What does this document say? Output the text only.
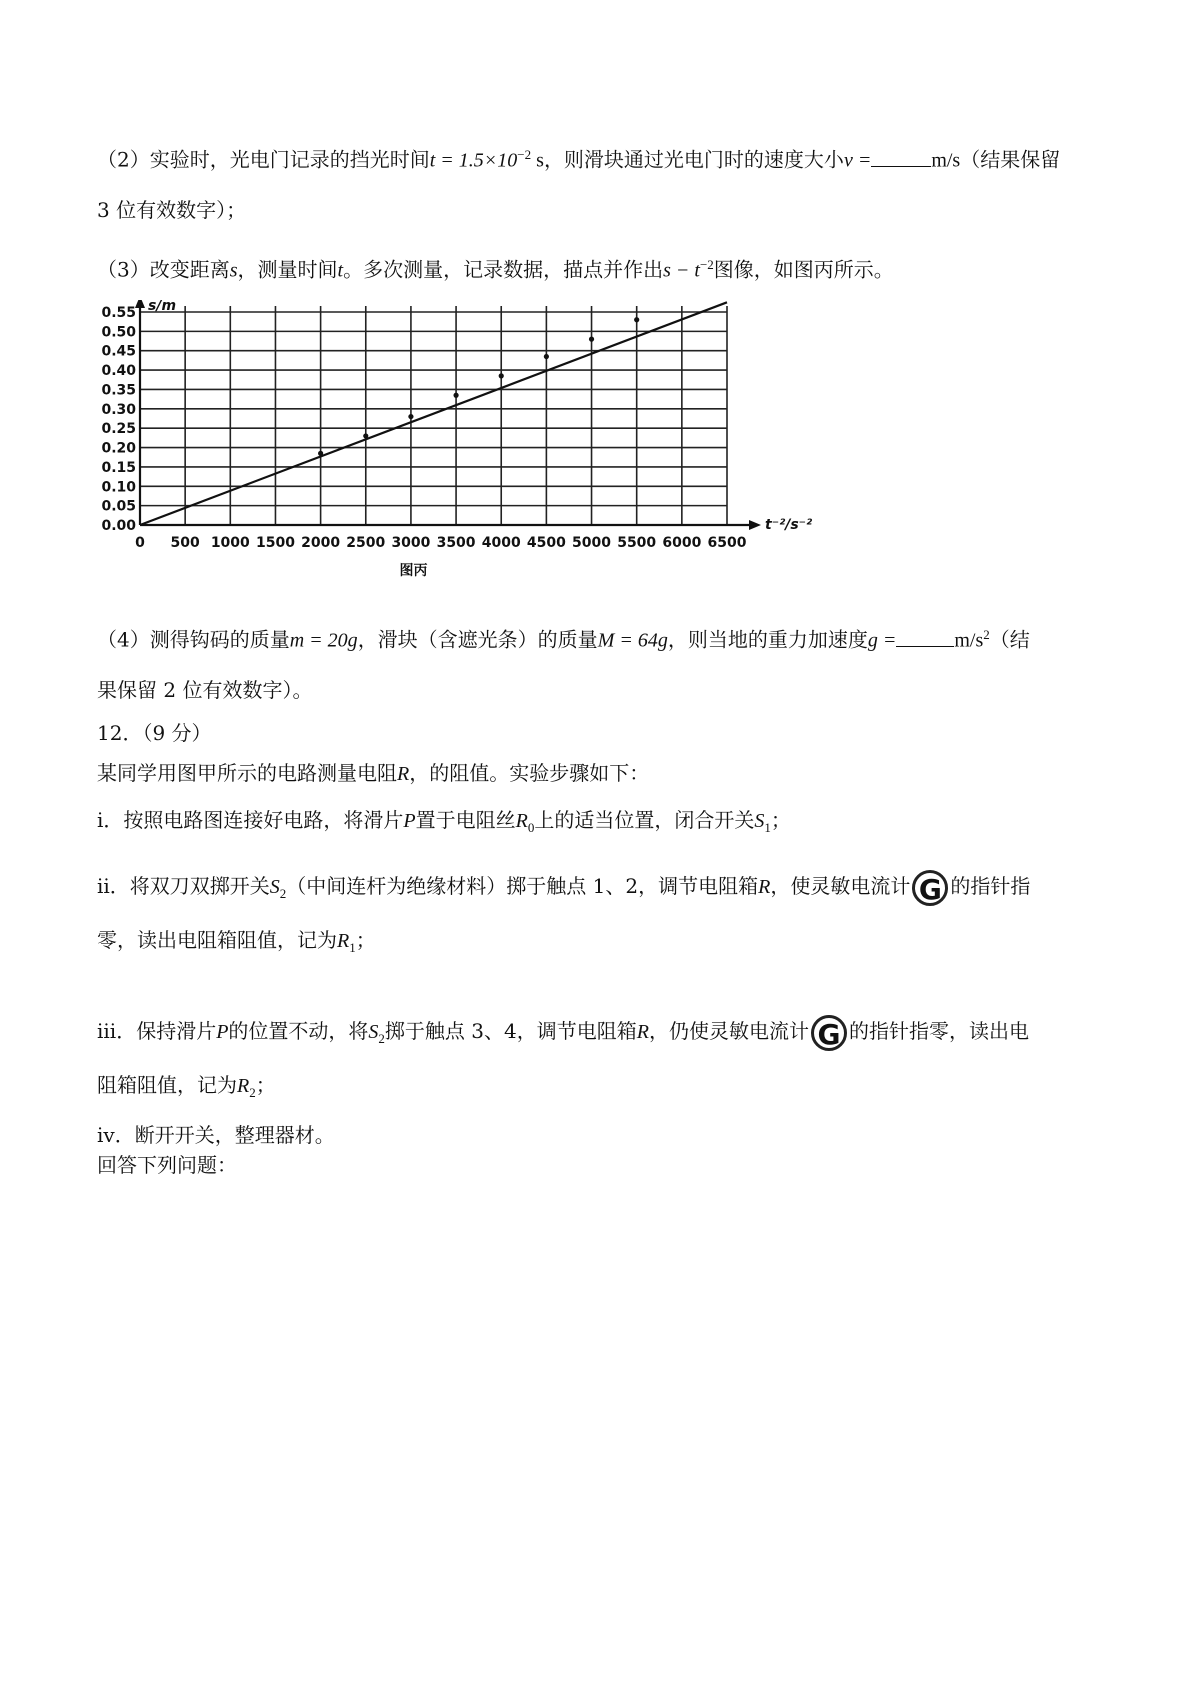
（2）实验时，光电门记录的挡光时间$t = 1.5\times 10^{-2}$ s，则滑块通过光电门时的速度大小v =	m/s（结果保留
3 位有效数字）；
（3）改变距离s，测量时间t。多次测量，记录数据，描点并作出$s - t^{-2}$图像，如图丙所示。
0.00
0.05
0.10
0.15
0.20
0.25
0.30
0.35
0.40
0.45
0.50
0.55
0 500 1000 1500 2000 2500 3000 3500 4000 4500 5000 5500 6000 6500
s/m
t⁻²/s⁻²
图丙
（4）测得钩码的质量m = 20g，滑块（含遮光条）的质量M = 64g，则当地的重力加速度g =	$m/s^2$（结
果保留 2 位有效数字）。
12．（9 分）
某同学用图甲所示的电路测量电阻R，的阻值。实验步骤如下：
i．按照电路图连接好电路，将滑片P置于电阻丝$R_0$上的适当位置，闭合开关$S_1$；
ii．将双刀双掷开关$S_2$（中间连杆为绝缘材料）掷于触点 1、2，调节电阻箱R，使灵敏电流计 G 的指针指
零，读出电阻箱阻值，记为$R_1$；
iii．保持滑片P的位置不动，将$S_2$掷于触点 3、4，调节电阻箱R，仍使灵敏电流计 G 的指针指零，读出电
阻箱阻值，记为$R_2$；
iv．断开开关，整理器材。
回答下列问题：
